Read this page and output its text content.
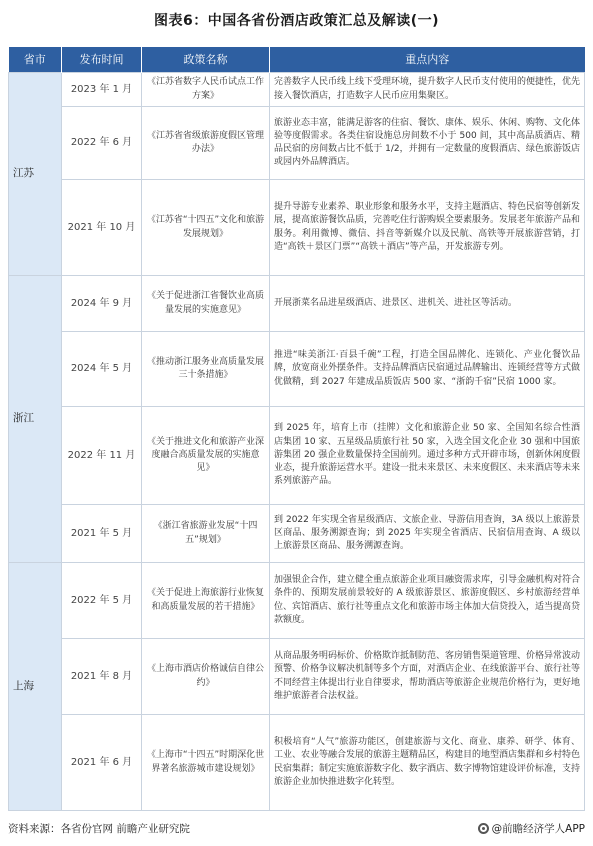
图表6：中国各省份酒店政策汇总及解读(一)
省市	发布时间	政策名称	重点内容
江苏	2023 年 1 月	《江苏省数字人民币试点工作方案》	完善数字人民币线上线下受理环境，提升数字人民币支付使用的便捷性，优先接入餐饮酒店，打造数字人民币应用集聚区。
	2022 年 6 月	《江苏省省级旅游度假区管理办法》	旅游业态丰富，能满足游客的住宿、餐饮、康体、娱乐、休闲、购物、文化体验等度假需求。各类住宿设施总房间数不小于 500 间，其中高品质酒店、精品民宿的房间数占比不低于 1/2，并拥有一定数量的度假酒店、绿色旅游饭店或园内外品牌酒店。
	2021 年 10 月	《江苏省“十四五”文化和旅游发展规划》	提升导游专业素养、职业形象和服务水平，支持主题酒店、特色民宿等创新发展，提高旅游餐饮品质，完善吃住行游购娱全要素服务。发展老年旅游产品和服务。利用微博、微信、抖音等新媒介以及民航、高铁等开展旅游营销，打造“高铁＋景区门票”“高铁＋酒店”等产品，开发旅游专列。
浙江	2024 年 9 月	《关于促进浙江省餐饮业高质量发展的实施意见》	开展浙菜名品进星级酒店、进景区、进机关、进社区等活动。
	2024 年 5 月	《推动浙江服务业高质量发展三十条措施》	推进“味美浙江·百县千碗”工程，打造全国品牌化、连锁化、产业化餐饮品牌，放宽商业外摆条件。支持品牌酒店民宿通过品牌输出、连锁经营等方式做优做精，到 2027 年建成品质饭店 500 家、“浙韵千宿”民宿 1000 家。
	2022 年 11 月	《关于推进文化和旅游产业深度融合高质量发展的实施意见》	到 2025 年，培育上市（挂牌）文化和旅游企业 50 家、全国知名综合性酒店集团 10 家、五星级品质旅行社 50 家，入选全国文化企业 30 强和中国旅游集团 20 强企业数量保持全国前列。通过多种方式开辟市场，创新休闲度假业态，提升旅游运营水平。建设一批未来景区、未来度假区、未来酒店等未来系列旅游产品。
	2021 年 5 月	《浙江省旅游业发展“十四五”规划》	到 2022 年实现全省星级酒店、文旅企业、导游信用查询，3A 级以上旅游景区商品、服务溯源查询；到 2025 年实现全省酒店、民宿信用查询、A 级以上旅游景区商品、服务溯源查询。
上海	2022 年 5 月	《关于促进上海旅游行业恢复和高质量发展的若干措施》	加强银企合作，建立健全重点旅游企业项目融资需求库，引导金融机构对符合条件的、预期发展前景较好的 A 级旅游景区、旅游度假区、乡村旅游经营单位、宾馆酒店、旅行社等重点文化和旅游市场主体加大信贷投入，适当提高贷款额度。
	2021 年 8 月	《上海市酒店价格诚信自律公约》	从商品服务明码标价、价格欺诈抵制防范、客房销售渠道管理、价格异常波动预警、价格争议解决机制等多个方面，对酒店企业、在线旅游平台、旅行社等不同经营主体提出行业自律要求，帮助酒店等旅游企业规范价格行为，更好地维护旅游者合法权益。
	2021 年 6 月	《上海市“十四五”时期深化世界著名旅游城市建设规划》	积极培育“人气”旅游功能区，创建旅游与文化、商业、康养、研学、体育、工业、农业等融合发展的旅游主题精品区，构建目的地型酒店集群和乡村特色民宿集群；制定实施旅游数字化、数字酒店、数字博物馆建设评价标准，支持旅游企业加快推进数字化转型。
资料来源：各省份官网 前瞻产业研究院	@前瞻经济学人APP
